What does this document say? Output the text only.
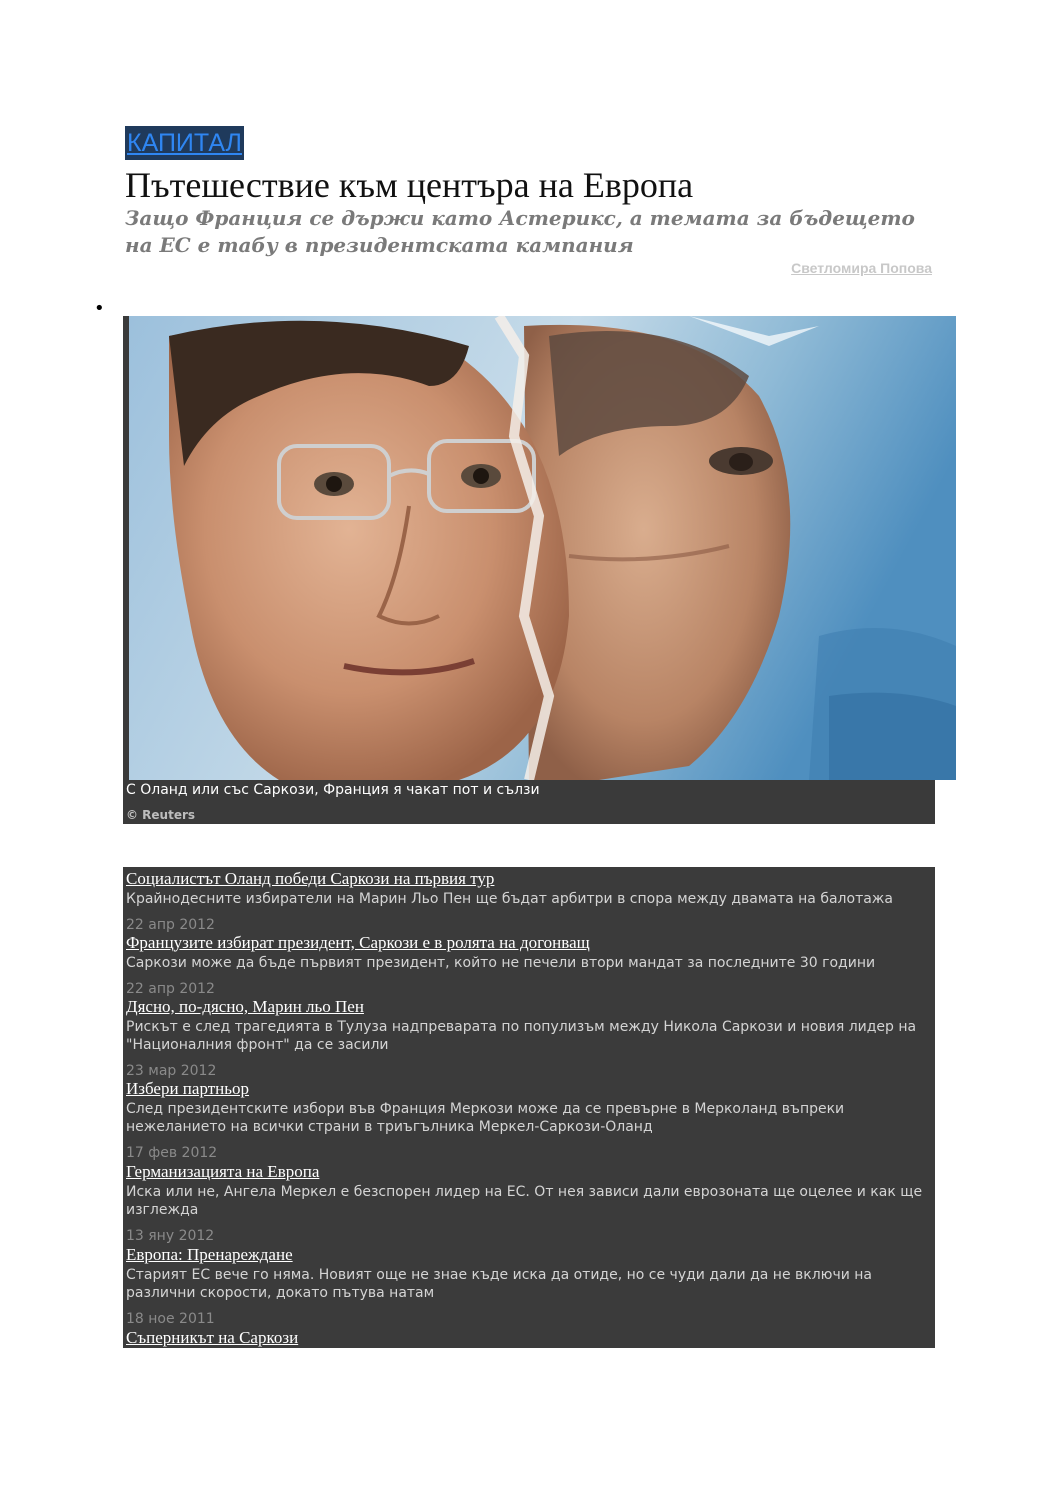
КАПИТАЛ
Пътешествие към центъра на Европа
Защо Франция се държи като Астерикс, а темата за бъдещето на ЕС е табу в президентската кампания
Светломира Попова
•
С Оланд или със Саркози, Франция я чакат пот и сълзи
© Reuters
Социалистът Оланд победи Саркози на първия тур
Крайнодесните избиратели на Марин Льо Пен ще бъдат арбитри в спора между двамата на балотажа
22 апр 2012
Французите избират президент, Саркози е в ролята на догонващ
Саркози може да бъде първият президент, който не печели втори мандат за последните 30 години
22 апр 2012
Дясно, по-дясно, Марин льо Пен
Рискът е след трагедията в Тулуза надпреварата по популизъм между Никола Саркози и новия лидер на "Националния фронт" да се засили
23 мар 2012
Избери партньор
След президентските избори във Франция Меркози може да се превърне в Мерколанд въпреки нежеланието на всички страни в триъгълника Меркел-Саркози-Оланд
17 фев 2012
Германизацията на Европа
Иска или не, Ангела Меркел е безспорен лидер на ЕС. От нея зависи дали еврозоната ще оцелее и как ще изглежда
13 яну 2012
Европа: Пренареждане
Старият ЕС вече го няма. Новият още не знае къде иска да отиде, но се чуди дали да не включи на различни скорости, докато пътува натам
18 ное 2011
Съперникът на Саркози
